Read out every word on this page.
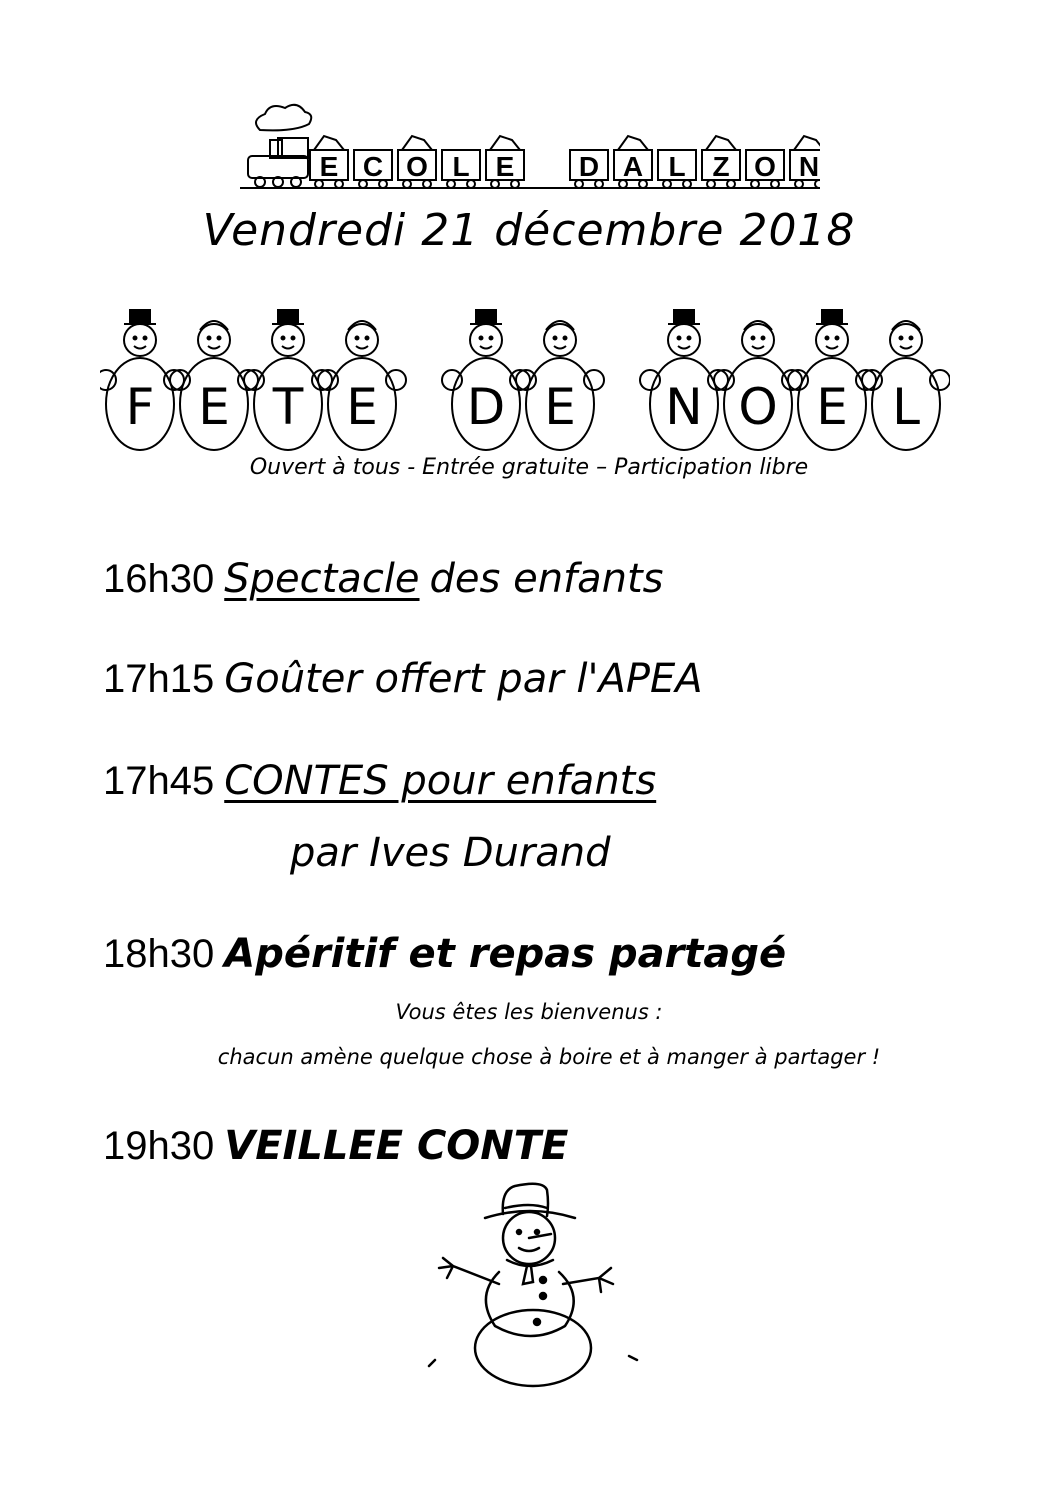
E C O L E D A L Z O N
Vendredi 21 décembre 2018
F E T E D E N O E L
Ouvert à tous - Entrée gratuite – Participation libre
16h30 Spectacle des enfants
17h15 Goûter offert par l'APEA
17h45 CONTES pour enfants
par Ives Durand
18h30 Apéritif et repas partagé
Vous êtes les bienvenus :
chacun amène quelque chose à boire et à manger à partager !
19h30 VEILLEE CONTE
